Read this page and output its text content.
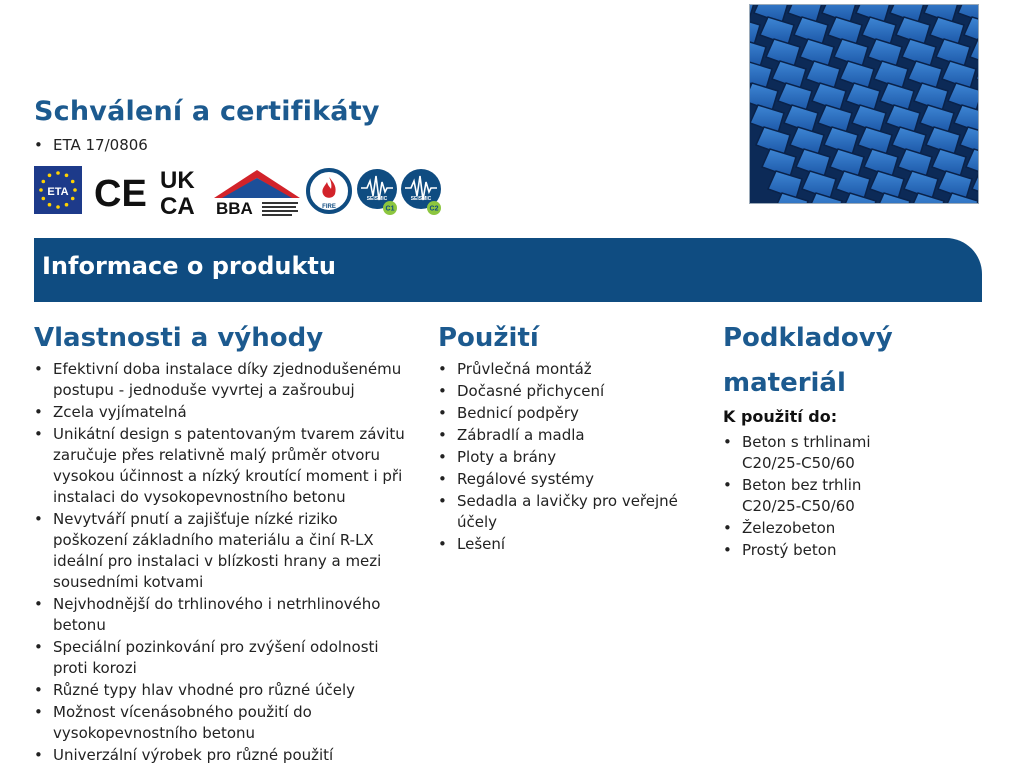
Schválení a certifikáty
• ETA 17/0806
ETA CE UK
CA BBA	FIRE
SEISMIC
C1
SEISMIC
C2
Informace o produktu
Vlastnosti a výhody
• Efektivní doba instalace díky zjednodušenému postupu - jednoduše vyvrtej a zašroubuj
• Zcela vyjímatelná
• Unikátní design s patentovaným tvarem závitu zaručuje přes relativně malý průměr otvoru vysokou účinnost a nízký kroutící moment i při instalaci do vysokopevnostního betonu
• Nevytváří pnutí a zajišťuje nízké riziko poškození základního materiálu a činí R-LX ideální pro instalaci v blízkosti hrany a mezi sousedními kotvami
• Nejvhodnější do trhlinového i netrhlinového betonu
• Speciální pozinkování pro zvýšení odolnosti proti korozi
• Různé typy hlav vhodné pro různé účely
• Možnost vícenásobného použití do vysokopevnostního betonu
• Univerzální výrobek pro různé použití
Použití
• Průvlečná montáž
• Dočasné přichycení
• Bednicí podpěry
• Zábradlí a madla
• Ploty a brány
• Regálové systémy
• Sedadla a lavičky pro veřejné účely
• Lešení
Podkladový materiál

K použití do:

• Beton s trhlinami C20/25-C50/60
• Beton bez trhlin C20/25-C50/60
• Železobeton
• Prostý beton
